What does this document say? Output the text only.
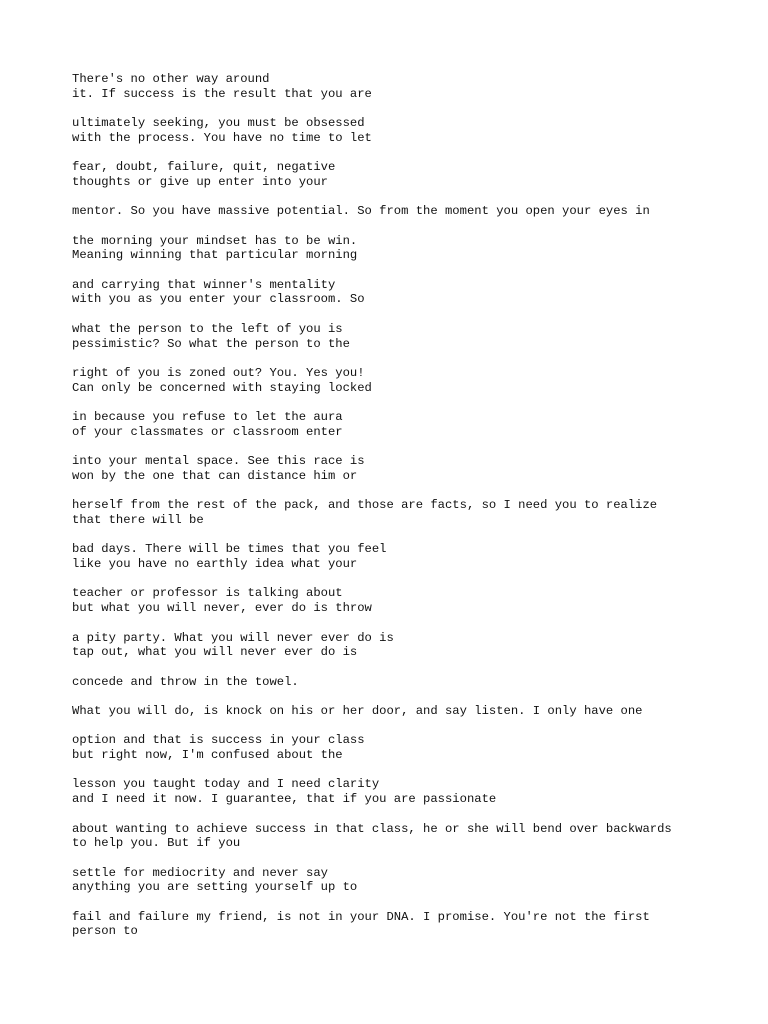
There's no other way around
it. If success is the result that you are

ultimately seeking, you must be obsessed
with the process. You have no time to let

fear, doubt, failure, quit, negative
thoughts or give up enter into your

mentor. So you have massive potential. So from the moment you open your eyes in

the morning your mindset has to be win.
Meaning winning that particular morning

and carrying that winner's mentality
with you as you enter your classroom. So

what the person to the left of you is
pessimistic? So what the person to the

right of you is zoned out? You. Yes you!
Can only be concerned with staying locked

in because you refuse to let the aura
of your classmates or classroom enter

into your mental space. See this race is
won by the one that can distance him or

herself from the rest of the pack, and those are facts, so I need you to realize
that there will be

bad days. There will be times that you feel
like you have no earthly idea what your

teacher or professor is talking about
but what you will never, ever do is throw

a pity party. What you will never ever do is
tap out, what you will never ever do is

concede and throw in the towel.

What you will do, is knock on his or her door, and say listen. I only have one

option and that is success in your class
but right now, I'm confused about the

lesson you taught today and I need clarity
and I need it now. I guarantee, that if you are passionate

about wanting to achieve success in that class, he or she will bend over backwards
to help you. But if you

settle for mediocrity and never say
anything you are setting yourself up to

fail and failure my friend, is not in your DNA. I promise. You're not the first
person to
